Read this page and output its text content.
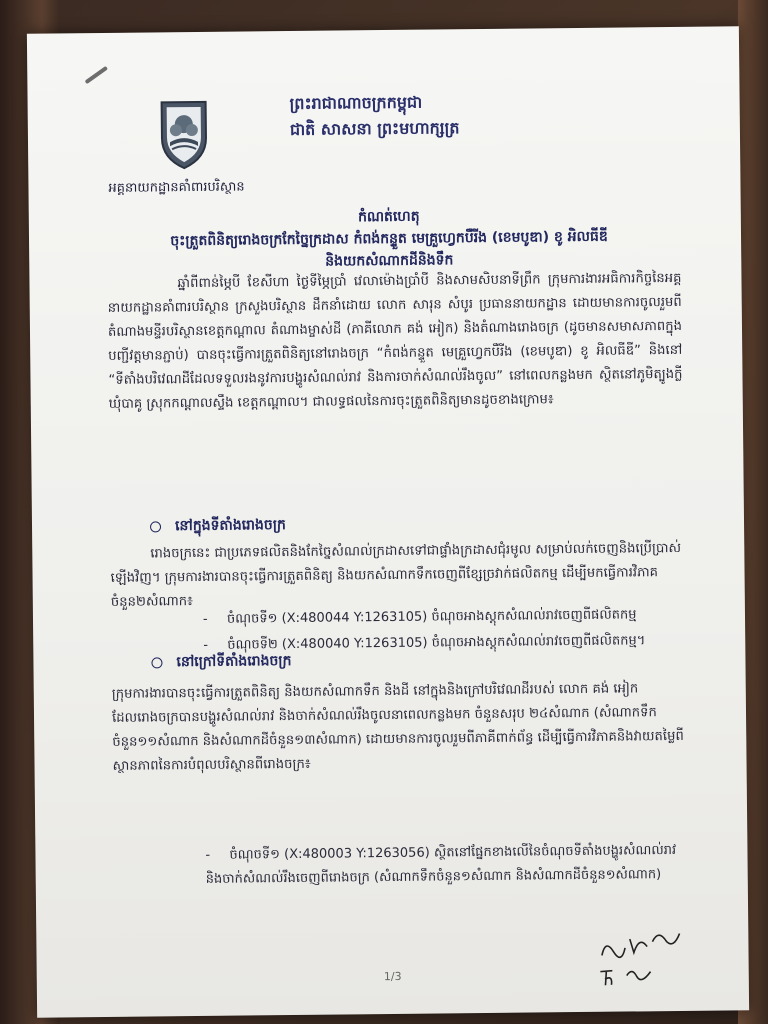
អគ្គនាយកដ្ឋានគាំពារបរិស្ថាន
ព្រះរាជាណាចក្រកម្ពុជា
ជាតិ សាសនា ព្រះមហាក្សត្រ
កំណត់ហេតុ
ចុះត្រួតពិនិត្យរោងចក្រកែច្នៃក្រដាស កំពង់កន្ទួត មេគ្រួហ្វេកបឺរីង (ខេមបូឌា) ខូ អិលធីឌី
និងយកសំណាកដីនិងទឹក
ឆ្នាំពីពាន់ម្ភៃបី ខែសីហា ថ្ងៃទីម្ភៃប្រាំ វេលាម៉ោងប្រាំបី និងសាមសិបនាទីព្រឹក ក្រុមការងារអធិការកិច្ចនៃអគ្គនាយកដ្ឋានគាំពារបរិស្ថាន ក្រសួងបរិស្ថាន ដឹកនាំដោយ លោក សារុន សំបូរ ប្រធាននាយកដ្ឋាន ដោយមានការចូលរួមពីតំណាងមន្ទីរបរិស្ថានខេត្តកណ្ដាល តំណាងម្ចាស់ដី (ភាគីលោក គង់ អៀក) និងតំណាងរោងចក្រ (ដូចមានសមាសភាពក្នុងបញ្ជីវត្តមានភ្ជាប់) បានចុះធ្វើការត្រួតពិនិត្យនៅរោងចក្រ “កំពង់កន្ទួត មេគ្រួហ្វេកបឺរីង (ខេមបូឌា) ខូ អិលធីឌី” និងនៅ “ទីតាំងបរិវេណដីដែលទទួលរងនូវការបង្ហូរសំណល់រាវ និងការចាក់សំណល់រឹងចូល” នៅពេលកន្លងមក ស្ថិតនៅភូមិត្បូងក្លី ឃុំបាគូ ស្រុកកណ្ដាលស្ទឹង ខេត្តកណ្ដាល។ ជាលទ្ធផលនៃការចុះត្រួតពិនិត្យមានដូចខាងក្រោម៖
នៅក្នុងទីតាំងរោងចក្រ
រោងចក្រនេះ ជាប្រភេទផលិតនិងកែច្នៃសំណល់ក្រដាសទៅជាផ្ទាំងក្រដាសជុំរមូល សម្រាប់លក់ចេញនិងប្រើប្រាស់ឡើងវិញ។ ក្រុមការងារបានចុះធ្វើការត្រួតពិនិត្យ និងយកសំណាកទឹកចេញពីខ្សែច្រវាក់ផលិតកម្ម ដើម្បីមកធ្វើការវិភាគចំនួន២សំណាក៖
- ចំណុចទី១ (X:480044 Y:1263105) ចំណុចអាងស្តុកសំណល់រាវចេញពីផលិតកម្ម
- ចំណុចទី២ (X:480040 Y:1263105) ចំណុចអាងស្តុកសំណល់រាវចេញពីផលិតកម្ម។
នៅក្រៅទីតាំងរោងចក្រ
ក្រុមការងារបានចុះធ្វើការត្រួតពិនិត្យ និងយកសំណាកទឹក និងដី នៅក្នុងនិងក្រៅបរិវេណដីរបស់ លោក គង់ អៀក ដែលរោងចក្របានបង្ហូរសំណល់រាវ និងចាក់សំណល់រឹងចូលនាពេលកន្លងមក ចំនួនសរុប ២៤សំណាក (សំណាកទឹកចំនួន១១សំណាក និងសំណាកដីចំនួន១៣សំណាក) ដោយមានការចូលរួមពីភាគីពាក់ព័ន្ធ ដើម្បីធ្វើការវិភាគនិងវាយតម្លៃពីស្ថានភាពនៃការបំពុលបរិស្ថានពីរោងចក្រ៖
- ចំណុចទី១ (X:480003 Y:1263056) ស្ថិតនៅផ្នែកខាងលើនៃចំណុចទីតាំងបង្ហូរសំណល់រាវ និងចាក់សំណល់រឹងចេញពីរោងចក្រ (សំណាកទឹកចំនួន១សំណាក និងសំណាកដីចំនួន១សំណាក)
1/3
